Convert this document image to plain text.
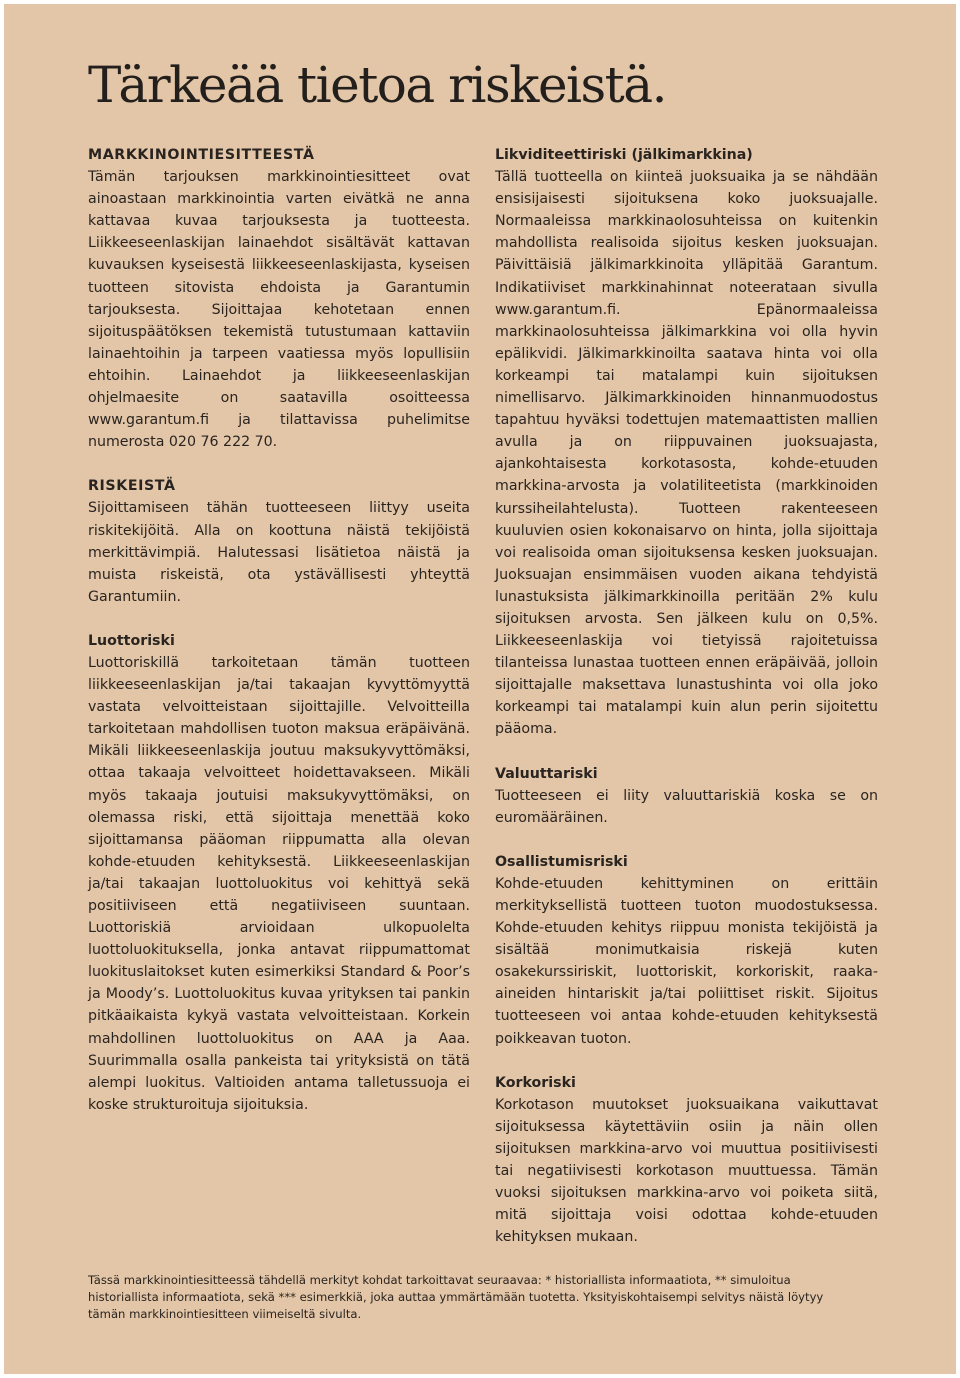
Tärkeää tietoa riskeistä.

MARKKINOINTIESITTEESTÄ

Tämän tarjouksen markkinointiesitteet ovat ainoastaan markkinointia varten eivätkä ne anna kattavaa kuvaa tarjouksesta ja tuotteesta. Liikkeeseenlaskijan lainaehdot sisältävät kattavan kuvauksen kyseisestä liikkeeseenlaskijasta, kyseisen tuotteen sitovista ehdoista ja Garantumin tarjouksesta. Sijoittajaa kehotetaan ennen sijoituspäätöksen tekemistä tutustumaan kattaviin lainaehtoihin ja tarpeen vaatiessa myös lopullisiin ehtoihin. Lainaehdot ja liikkeeseenlaskijan ohjelmaesite on saatavilla osoitteessa www.garantum.fi ja tilattavissa puhelimitse numerosta 020 76 222 70.

RISKEISTÄ

Sijoittamiseen tähän tuotteeseen liittyy useita riskitekijöitä. Alla on koottuna näistä tekijöistä merkittävimpiä. Halutessasi lisätietoa näistä ja muista riskeistä, ota ystävällisesti yhteyttä Garantumiin.

Luottoriski

Luottoriskillä tarkoitetaan tämän tuotteen liikkeeseenlaskijan ja/tai takaajan kyvyttömyyttä vastata velvoitteistaan sijoittajille. Velvoitteilla tarkoitetaan mahdollisen tuoton maksua eräpäivänä. Mikäli liikkeeseenlaskija joutuu maksukyvyttömäksi, ottaa takaaja velvoitteet hoidettavakseen. Mikäli myös takaaja joutuisi maksukyvyttömäksi, on olemassa riski, että sijoittaja menettää koko sijoittamansa pääoman riippumatta alla olevan kohde-etuuden kehityksestä. Liikkeeseenlaskijan ja/tai takaajan luottoluokitus voi kehittyä sekä positiiviseen että negatiiviseen suuntaan. Luottoriskiä arvioidaan ulkopuolelta luottoluokituksella, jonka antavat riippumattomat luokituslaitokset kuten esimerkiksi Standard & Poor’s ja Moody’s. Luottoluokitus kuvaa yrityksen tai pankin pitkäaikaista kykyä vastata velvoitteistaan. Korkein mahdollinen luottoluokitus on AAA ja Aaa. Suurimmalla osalla pankeista tai yrityksistä on tätä alempi luokitus. Valtioiden antama talletussuoja ei koske strukturoituja sijoituksia.

Likviditeettiriski (jälkimarkkina)

Tällä tuotteella on kiinteä juoksuaika ja se nähdään ensisijaisesti sijoituksena koko juoksuajalle. Normaaleissa markkinaolosuhteissa on kuitenkin mahdollista realisoida sijoitus kesken juoksuajan. Päivittäisiä jälkimarkkinoita ylläpitää Garantum. Indikatiiviset markkinahinnat noteerataan sivulla www.garantum.fi. Epänormaaleissa markkinaolosuhteissa jälkimarkkina voi olla hyvin epälikvidi. Jälkimarkkinoilta saatava hinta voi olla korkeampi tai matalampi kuin sijoituksen nimellisarvo. Jälkimarkkinoiden hinnanmuodostus tapahtuu hyväksi todettujen matemaattisten mallien avulla ja on riippuvainen juoksuajasta, ajankohtaisesta korkotasosta, kohde-etuuden markkina-arvosta ja volatiliteetista (markkinoiden kurssiheilahtelusta). Tuotteen rakenteeseen kuuluvien osien kokonaisarvo on hinta, jolla sijoittaja voi realisoida oman sijoituksensa kesken juoksuajan. Juoksuajan ensimmäisen vuoden aikana tehdyistä lunastuksista jälkimarkkinoilla peritään 2% kulu sijoituksen arvosta. Sen jälkeen kulu on 0,5%. Liikkeeseenlaskija voi tietyissä rajoitetuissa tilanteissa lunastaa tuotteen ennen eräpäivää, jolloin sijoittajalle maksettava lunastushinta voi olla joko korkeampi tai matalampi kuin alun perin sijoitettu pääoma.

Valuuttariski

Tuotteeseen ei liity valuuttariskiä koska se on euromääräinen.

Osallistumisriski

Kohde-etuuden kehittyminen on erittäin merkityksellistä tuotteen tuoton muodostuksessa. Kohde-etuuden kehitys riippuu monista tekijöistä ja sisältää monimutkaisia riskejä kuten osakekurssiriskit, luottoriskit, korkoriskit, raaka-aineiden hintariskit ja/tai poliittiset riskit. Sijoitus tuotteeseen voi antaa kohde-etuuden kehityksestä poikkeavan tuoton.

Korkoriski

Korkotason muutokset juoksuaikana vaikuttavat sijoituksessa käytettäviin osiin ja näin ollen sijoituksen markkina-arvo voi muuttua positiivisesti tai negatiivisesti korkotason muuttuessa. Tämän vuoksi sijoituksen markkina-arvo voi poiketa siitä, mitä sijoittaja voisi odottaa kohde-etuuden kehityksen mukaan.

Tässä markkinointiesitteessä tähdellä merkityt kohdat tarkoittavat seuraavaa: * historiallista informaatiota, ** simuloitua historiallista informaatiota, sekä *** esimerkkiä, joka auttaa ymmärtämään tuotetta. Yksityiskohtaisempi selvitys näistä löytyy tämän markkinointiesitteen viimeiseltä sivulta.
